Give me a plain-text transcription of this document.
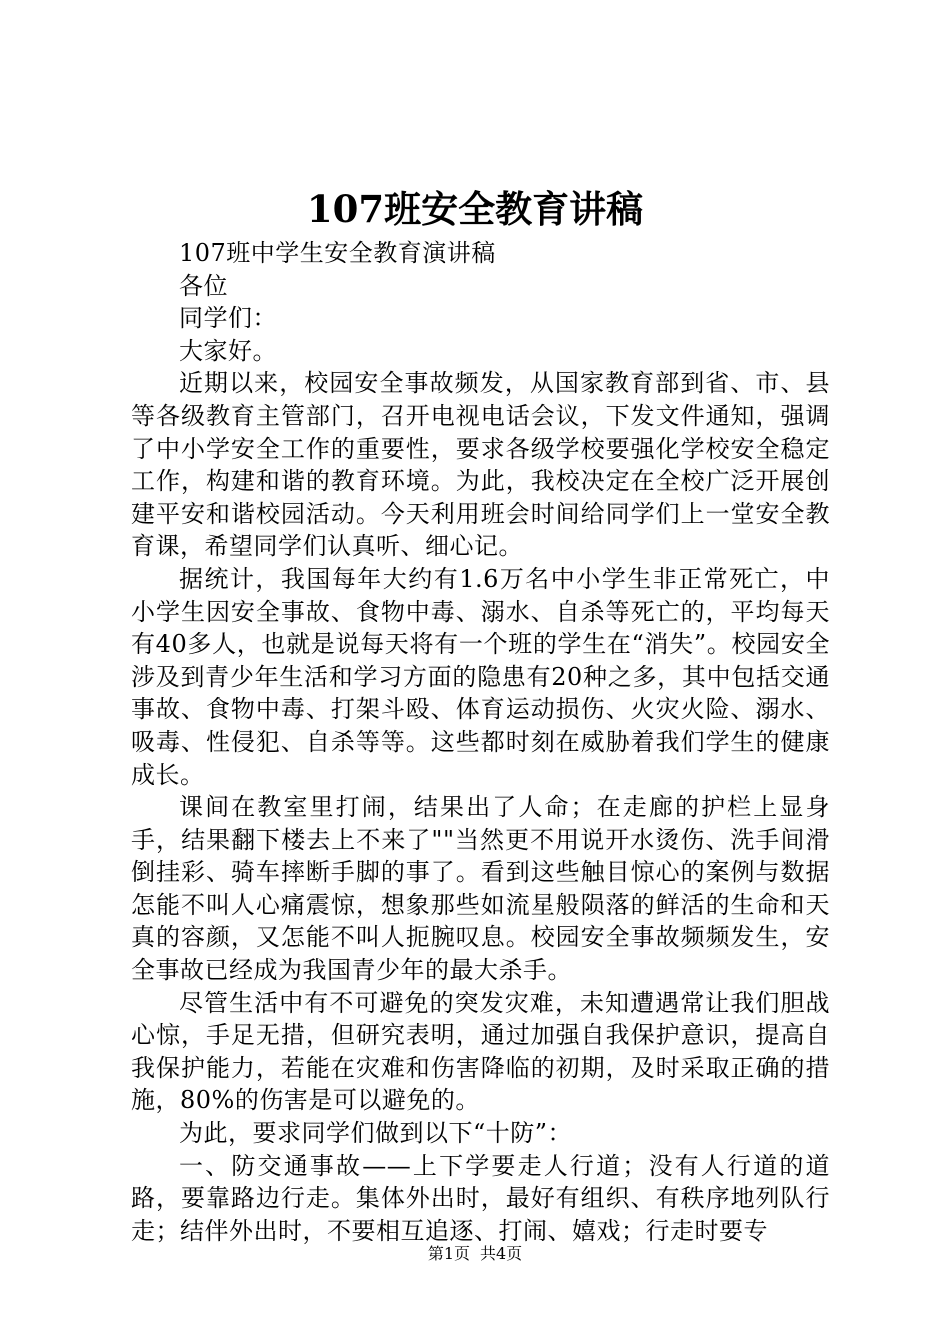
107班安全教育讲稿

107班中学生安全教育演讲稿

各位

同学们：

大家好。

近期以来，校园安全事故频发，从国家教育部到省、市、县等各级教育主管部门，召开电视电话会议，下发文件通知，强调了中小学安全工作的重要性，要求各级学校要强化学校安全稳定工作，构建和谐的教育环境。为此，我校决定在全校广泛开展创建平安和谐校园活动。今天利用班会时间给同学们上一堂安全教育课，希望同学们认真听、细心记。

据统计，我国每年大约有1.6万名中小学生非正常死亡，中小学生因安全事故、食物中毒、溺水、自杀等死亡的，平均每天有40多人，也就是说每天将有一个班的学生在“消失”。校园安全涉及到青少年生活和学习方面的隐患有20种之多，其中包括交通事故、食物中毒、打架斗殴、体育运动损伤、火灾火险、溺水、吸毒、性侵犯、自杀等等。这些都时刻在威胁着我们学生的健康成长。

课间在教室里打闹，结果出了人命；在走廊的护栏上显身手，结果翻下楼去上不来了""当然更不用说开水烫伤、洗手间滑倒挂彩、骑车摔断手脚的事了。看到这些触目惊心的案例与数据怎能不叫人心痛震惊，想象那些如流星般陨落的鲜活的生命和天真的容颜，又怎能不叫人扼腕叹息。校园安全事故频频发生，安全事故已经成为我国青少年的最大杀手。

尽管生活中有不可避免的突发灾难，未知遭遇常让我们胆战心惊，手足无措，但研究表明，通过加强自我保护意识，提高自我保护能力，若能在灾难和伤害降临的初期，及时采取正确的措施，80%的伤害是可以避免的。

为此，要求同学们做到以下“十防”：

一、防交通事故——上下学要走人行道；没有人行道的道路，要靠路边行走。集体外出时，最好有组织、有秩序地列队行走；结伴外出时，不要相互追逐、打闹、嬉戏；行走时要专

第1页 共4页
